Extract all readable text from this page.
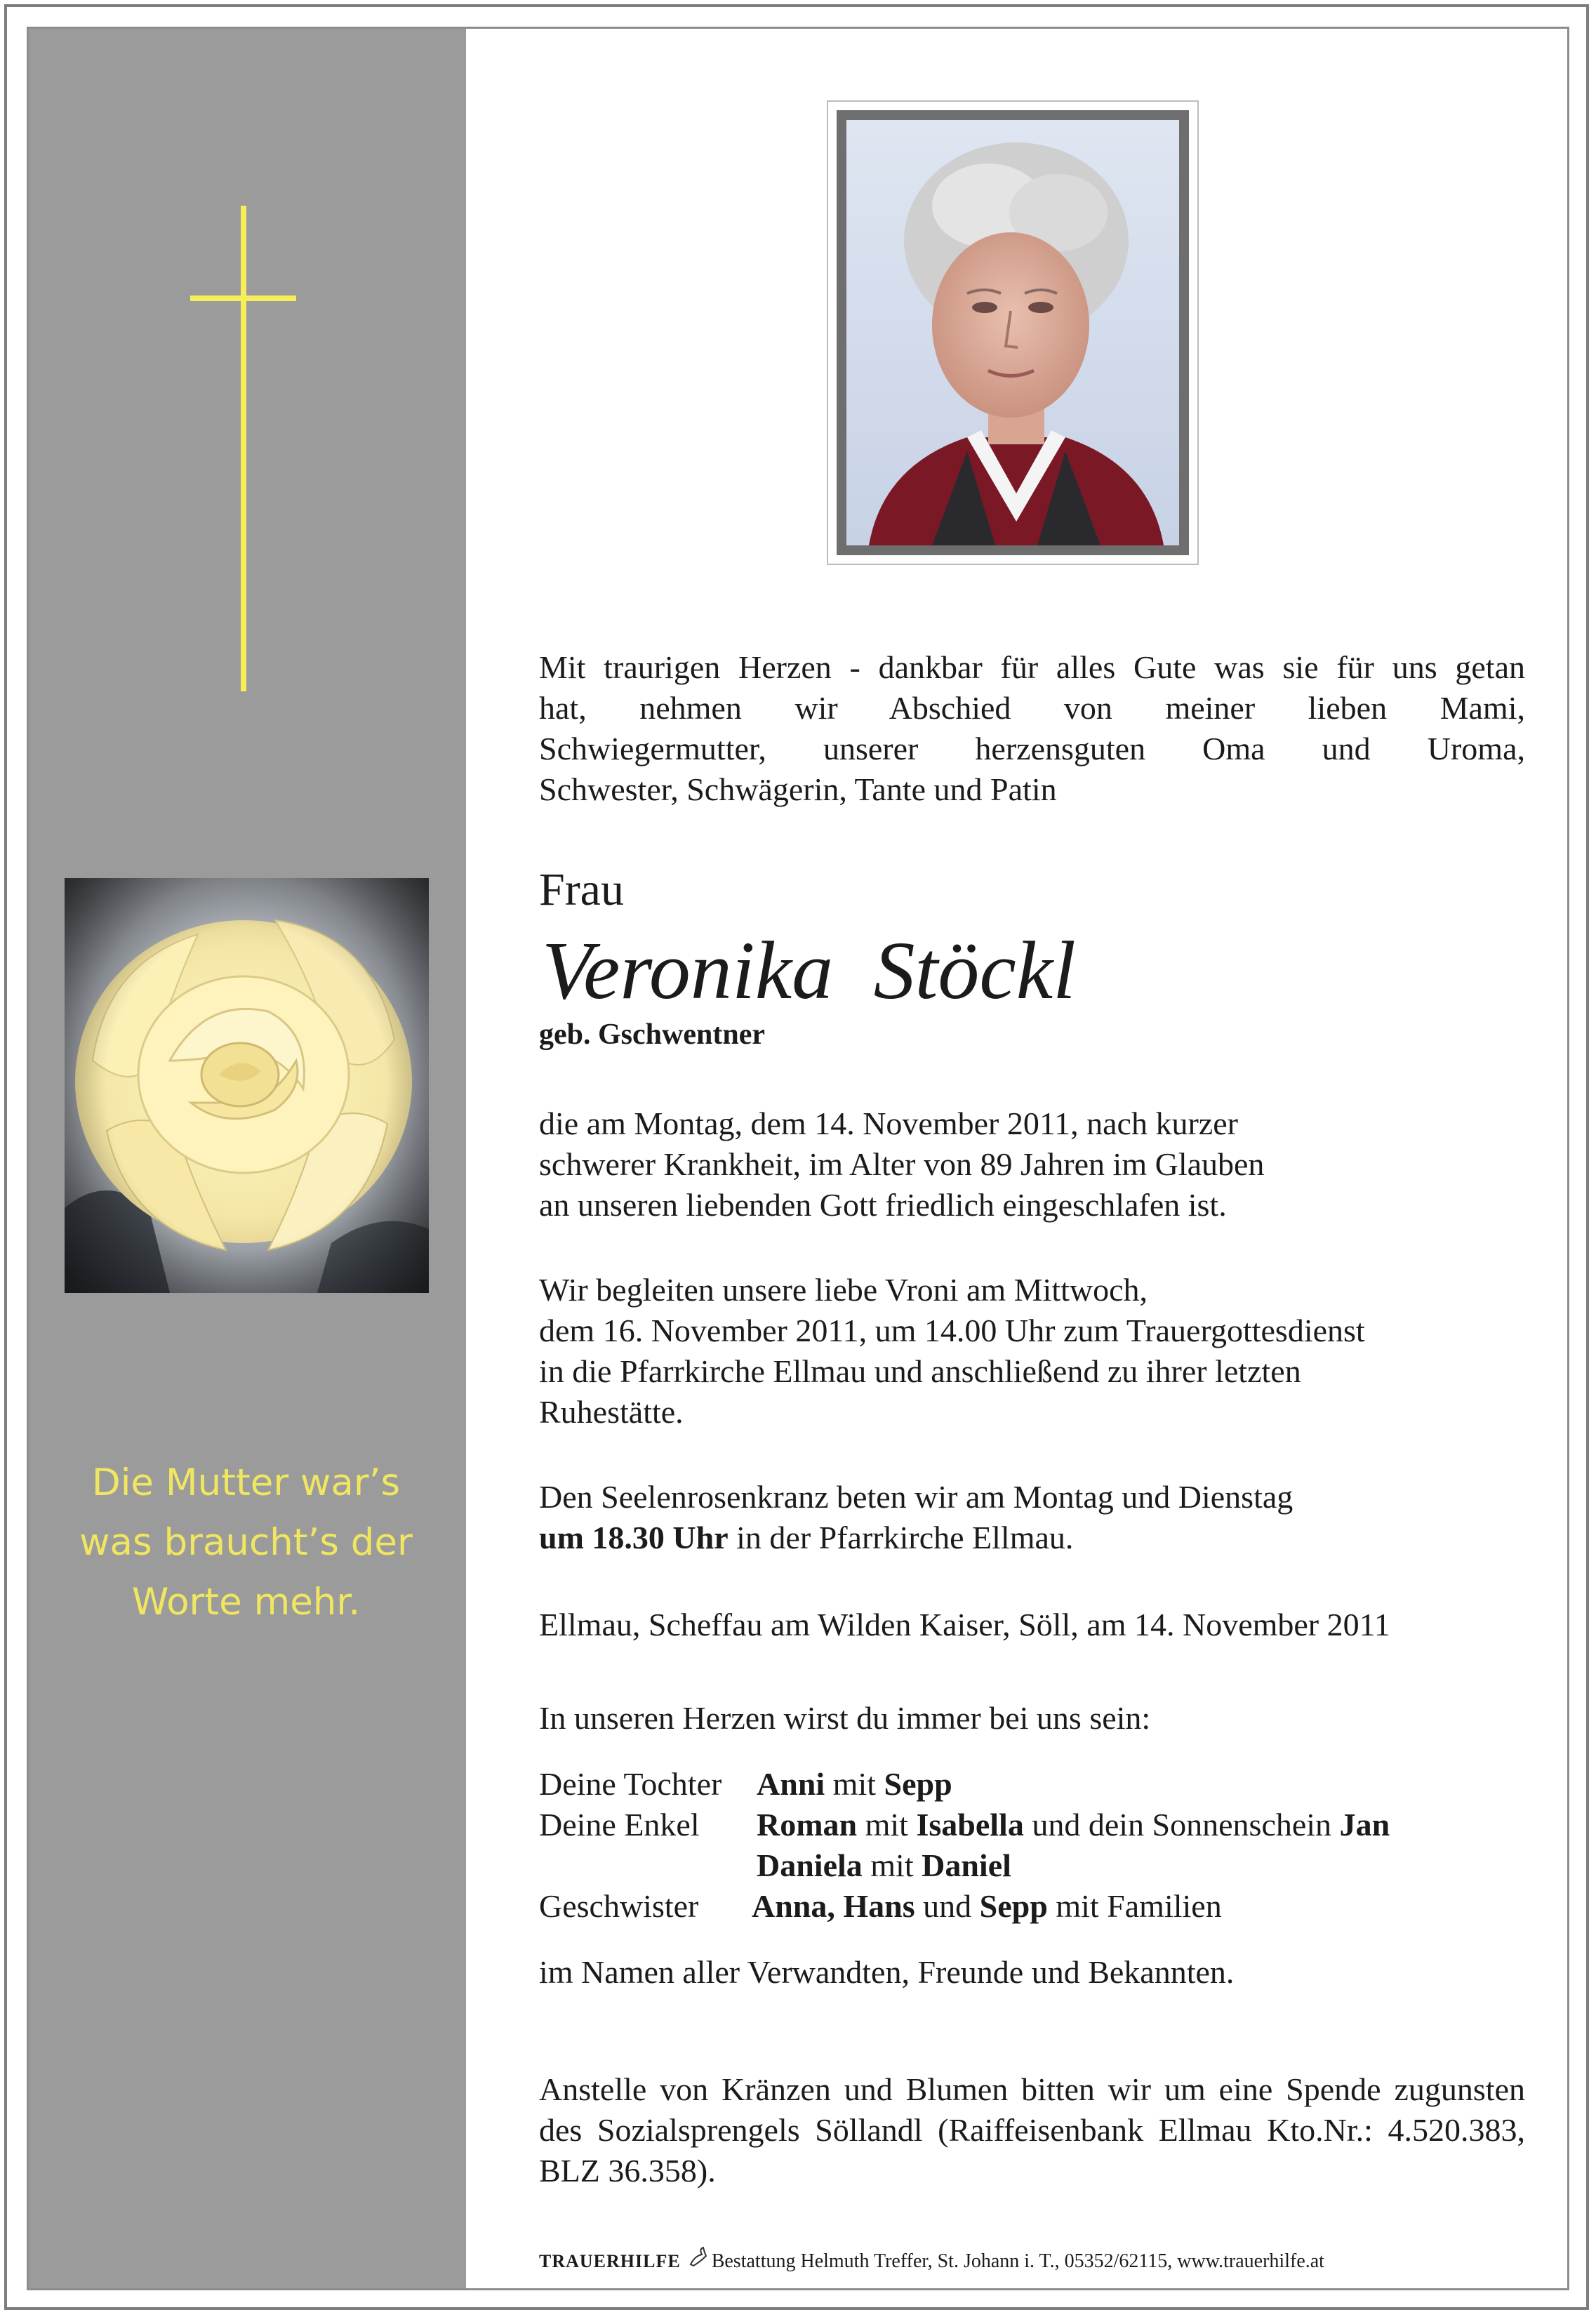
Die Mutter war’s
was braucht’s der
Worte mehr.
Mit traurigen Herzen - dankbar für alles Gute was sie für uns getan
hat, nehmen wir Abschied von meiner lieben Mami,
Schwiegermutter, unserer herzensguten Oma und Uroma,
Schwester, Schwägerin, Tante und Patin
Frau
Veronika Stöckl
geb. Gschwentner
die am Montag, dem 14. November 2011, nach kurzer
schwerer Krankheit, im Alter von 89 Jahren im Glauben
an unseren liebenden Gott friedlich eingeschlafen ist.
Wir begleiten unsere liebe Vroni am Mittwoch,
dem 16. November 2011, um 14.00 Uhr zum Trauergottesdienst
in die Pfarrkirche Ellmau und anschließend zu ihrer letzten
Ruhestätte.
Den Seelenrosenkranz beten wir am Montag und Dienstag
um 18.30 Uhr in der Pfarrkirche Ellmau.
Ellmau, Scheffau am Wilden Kaiser, Söll, am 14. November 2011
In unseren Herzen wirst du immer bei uns sein:
Deine Tochter Anni mit Sepp
Deine Enkel Roman mit Isabella und dein Sonnenschein Jan
Daniela mit Daniel
Geschwister Anna, Hans und Sepp mit Familien
im Namen aller Verwandten, Freunde und Bekannten.
Anstelle von Kränzen und Blumen bitten wir um eine Spende zugunsten
des Sozialsprengels Söllandl (Raiffeisenbank Ellmau Kto.Nr.: 4.520.383,
BLZ 36.358).
TRAUERHILFE Bestattung Helmuth Treffer, St. Johann i. T., 05352/62115, www.trauerhilfe.at
